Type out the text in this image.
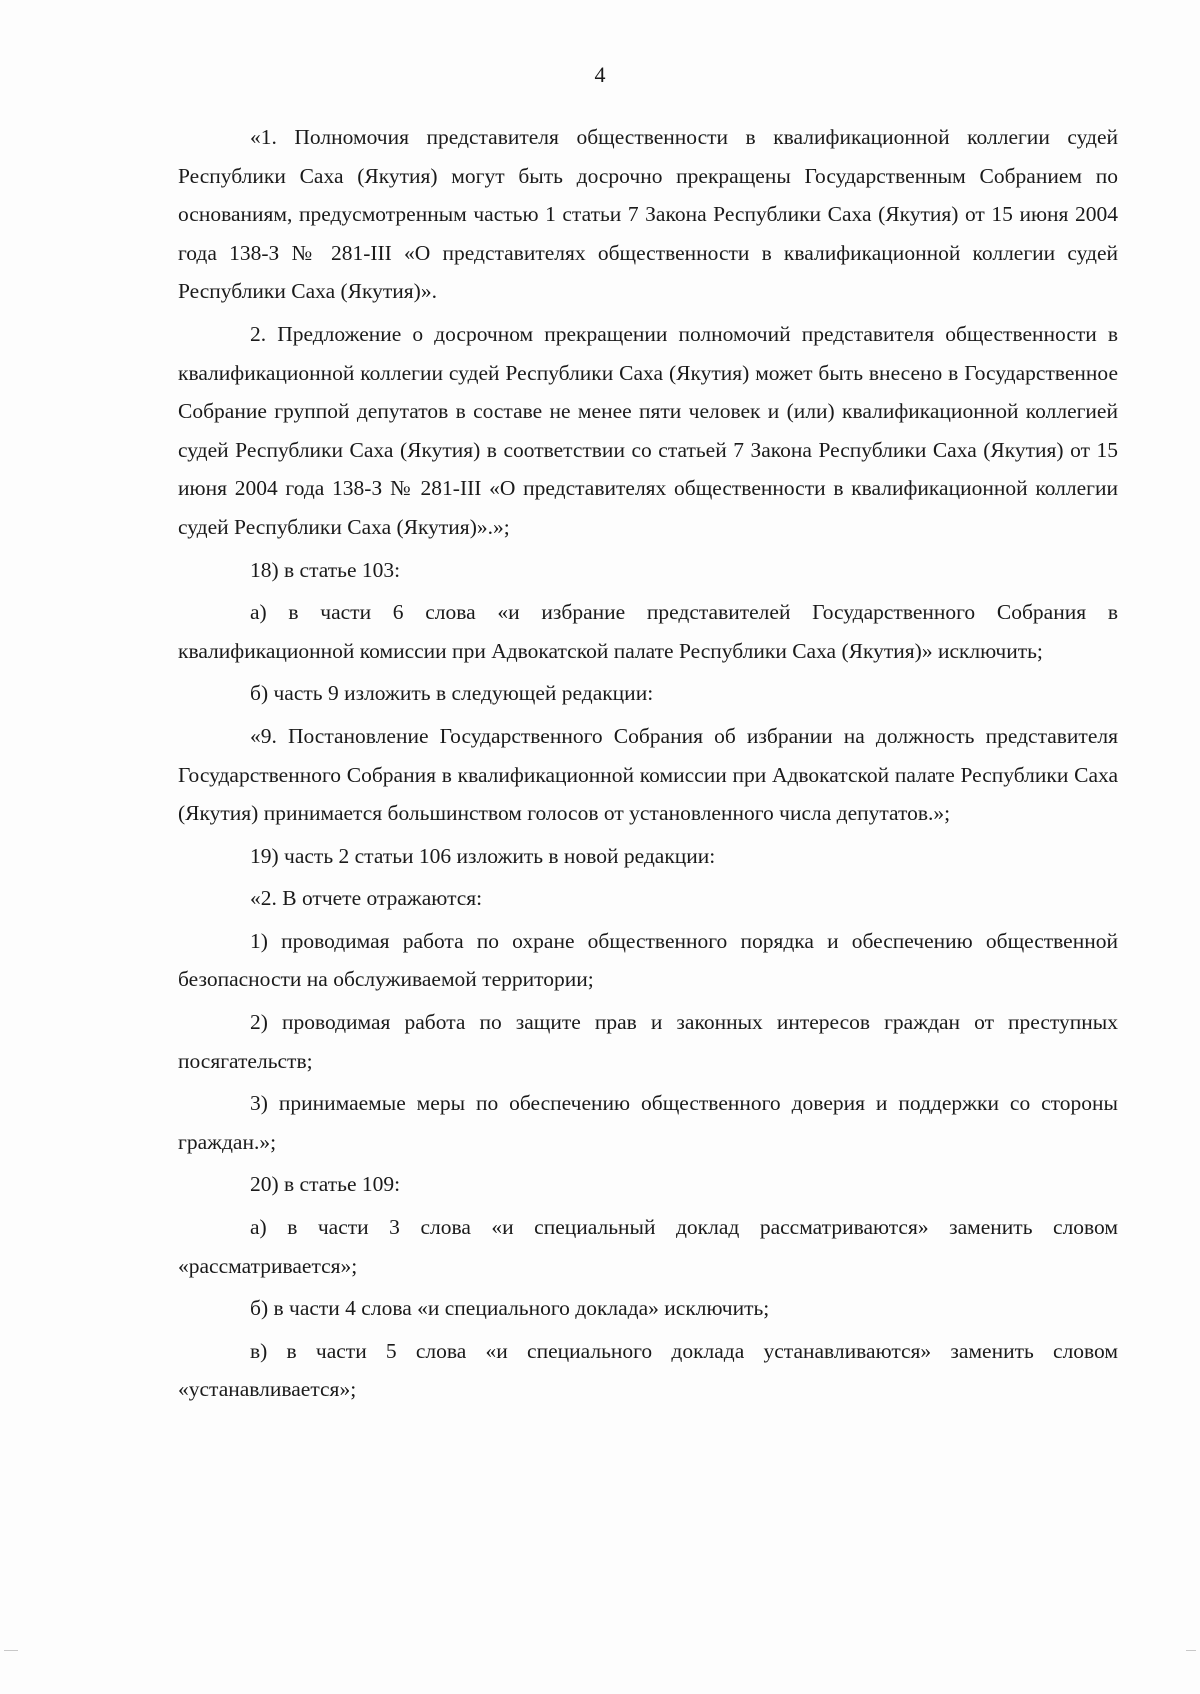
4

«1. Полномочия представителя общественности в квалификационной коллегии судей Республики Саха (Якутия) могут быть досрочно прекращены Государственным Собранием по основаниям, предусмотренным частью 1 статьи 7 Закона Республики Саха (Якутия) от 15 июня 2004 года 138-З № 281-III «О представителях общественности в квалификационной коллегии судей Республики Саха (Якутия)».

2. Предложение о досрочном прекращении полномочий представителя общественности в квалификационной коллегии судей Республики Саха (Якутия) может быть внесено в Государственное Собрание группой депутатов в составе не менее пяти человек и (или) квалификационной коллегией судей Республики Саха (Якутия) в соответствии со статьей 7 Закона Республики Саха (Якутия) от 15 июня 2004 года 138-З № 281-III «О представителях общественности в квалификационной коллегии судей Республики Саха (Якутия)».»;

18) в статье 103:

а) в части 6 слова «и избрание представителей Государственного Собрания в квалификационной комиссии при Адвокатской палате Республики Саха (Якутия)» исключить;

б) часть 9 изложить в следующей редакции:

«9. Постановление Государственного Собрания об избрании на должность представителя Государственного Собрания в квалификационной комиссии при Адвокатской палате Республики Саха (Якутия) принимается большинством голосов от установленного числа депутатов.»;

19) часть 2 статьи 106 изложить в новой редакции:

«2. В отчете отражаются:

1) проводимая работа по охране общественного порядка и обеспечению общественной безопасности на обслуживаемой территории;

2) проводимая работа по защите прав и законных интересов граждан от преступных посягательств;

3) принимаемые меры по обеспечению общественного доверия и поддержки со стороны граждан.»;

20) в статье 109:

а) в части 3 слова «и специальный доклад рассматриваются» заменить словом «рассматривается»;

б) в части 4 слова «и специального доклада» исключить;

в) в части 5 слова «и специального доклада устанавливаются» заменить словом «устанавливается»;
